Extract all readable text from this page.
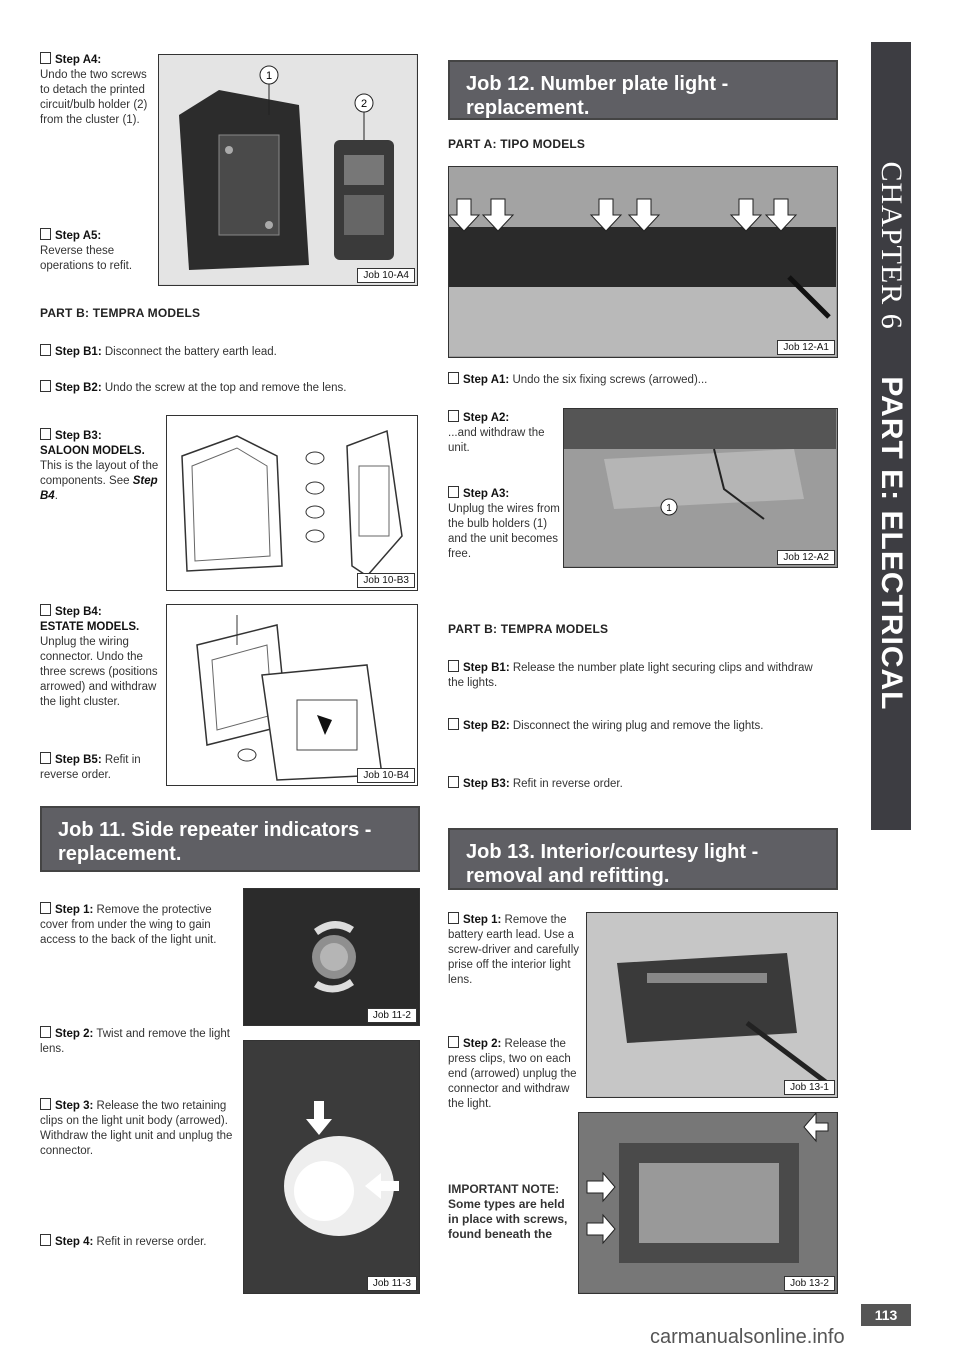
CHAPTER 6     PART E: ELECTRICAL
113
Step A4:
Undo the two screws to detach the printed circuit/bulb holder (2) from the cluster (1).
Step A5:
Reverse these operations to refit.
1
2
Job 10-A4
PART B: TEMPRA MODELS
Step B1: Disconnect the battery earth lead.
Step B2: Undo the screw at the top and remove the lens.
Step B3:
SALOON MODELS.
This is the layout of the components. See Step B4.
Job 10-B3
Step B4:
ESTATE MODELS.
Unplug the wiring connector. Undo the three screws (positions arrowed) and withdraw the light cluster.
Step B5: Refit in reverse order.	Job 10-B4
Job 11. Side repeater indicators - replacement.
Step 1: Remove the protective cover from under the wing to gain access to the back of the light unit.
Job 11-2
Step 2: Twist and remove the light lens.
Step 3: Release the two retaining clips on the light unit body (arrowed). Withdraw the light unit and unplug the connector.
Step 4: Refit in reverse order.
Job 11-3
Job 12. Number plate light - replacement.
PART A: TIPO MODELS
Job 12-A1
Step A1: Undo the six fixing screws (arrowed)...
Step A2:
...and withdraw the unit.
Step A3:
Unplug the wires from the bulb holders (1) and the unit becomes free.
1
Job 12-A2
PART B: TEMPRA MODELS
Step B1: Release the number plate light securing clips and withdraw the lights.
Step B2: Disconnect the wiring plug and remove the lights.
Step B3: Refit in reverse order.
Job 13. Interior/courtesy light - removal and refitting.
Step 1: Remove the battery earth lead. Use a screw-driver and carefully prise off the interior light lens.
Job 13-1
Step 2: Release the press clips, two on each end (arrowed) unplug the connector and withdraw the light.
IMPORTANT NOTE: Some types are held in place with screws, found beneath the
Job 13-2
carmanualsonline.info
